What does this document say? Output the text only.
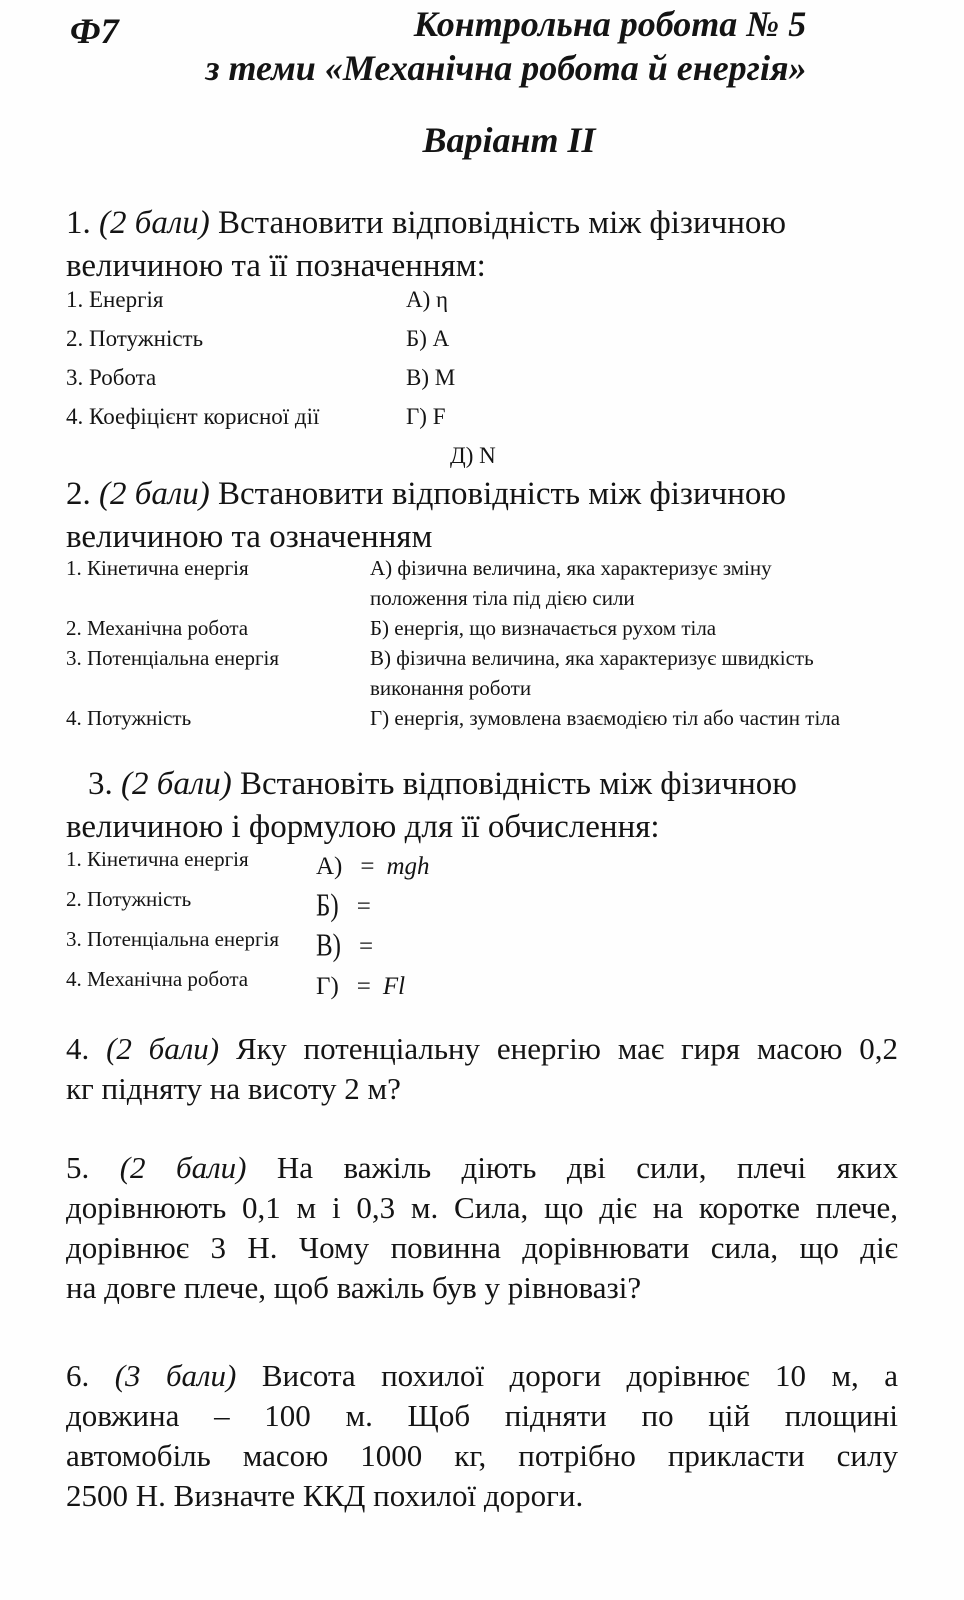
Ф7	Контрольна робота № 5
з теми «Механічна робота й енергія»
Варіант II
1. (2 бали) Встановити відповідність між фізичною
величиною та її позначенням:
1. Енергія	А) η
2. Потужність	Б) А
3. Робота	В) М
4. Коефіцієнт корисної дії	Г) F
Д) N
2. (2 бали) Встановити відповідність між фізичною
величиною та означенням
1. Кінетична енергія	А) фізична величина, яка характеризує зміну положення тіла під дією сили
2. Механічна робота	Б) енергія, що визначається рухом тіла
3. Потенціальна енергія	В) фізична величина, яка характеризує швидкість виконання роботи
4. Потужність	Г) енергія, зумовлена взаємодією тіл або частин тіла
3. (2 бали) Встановіть відповідність між фізичною
величиною і формулою для її обчислення:
1. Кінетична енергія	А) = mgh
2. Потужність	Б) =
3. Потенціальна енергія	В) =
4. Механічна робота	Г) = Fl
4. (2 бали) Яку потенціальну енергію має гиря масою 0,2
кг підняту на висоту 2 м?
5. (2 бали) На важіль діють дві сили, плечі яких
дорівнюють 0,1 м і 0,3 м. Сила, що діє на коротке плече,
дорівнює 3 Н. Чому повинна дорівнювати сила, що діє
на довге плече, щоб важіль був у рівновазі?
6. (3 бали) Висота похилої дороги дорівнює 10 м, а
довжина – 100 м. Щоб підняти по цій площині
автомобіль масою 1000 кг, потрібно прикласти силу
2500 Н. Визначте ККД похилої дороги.
